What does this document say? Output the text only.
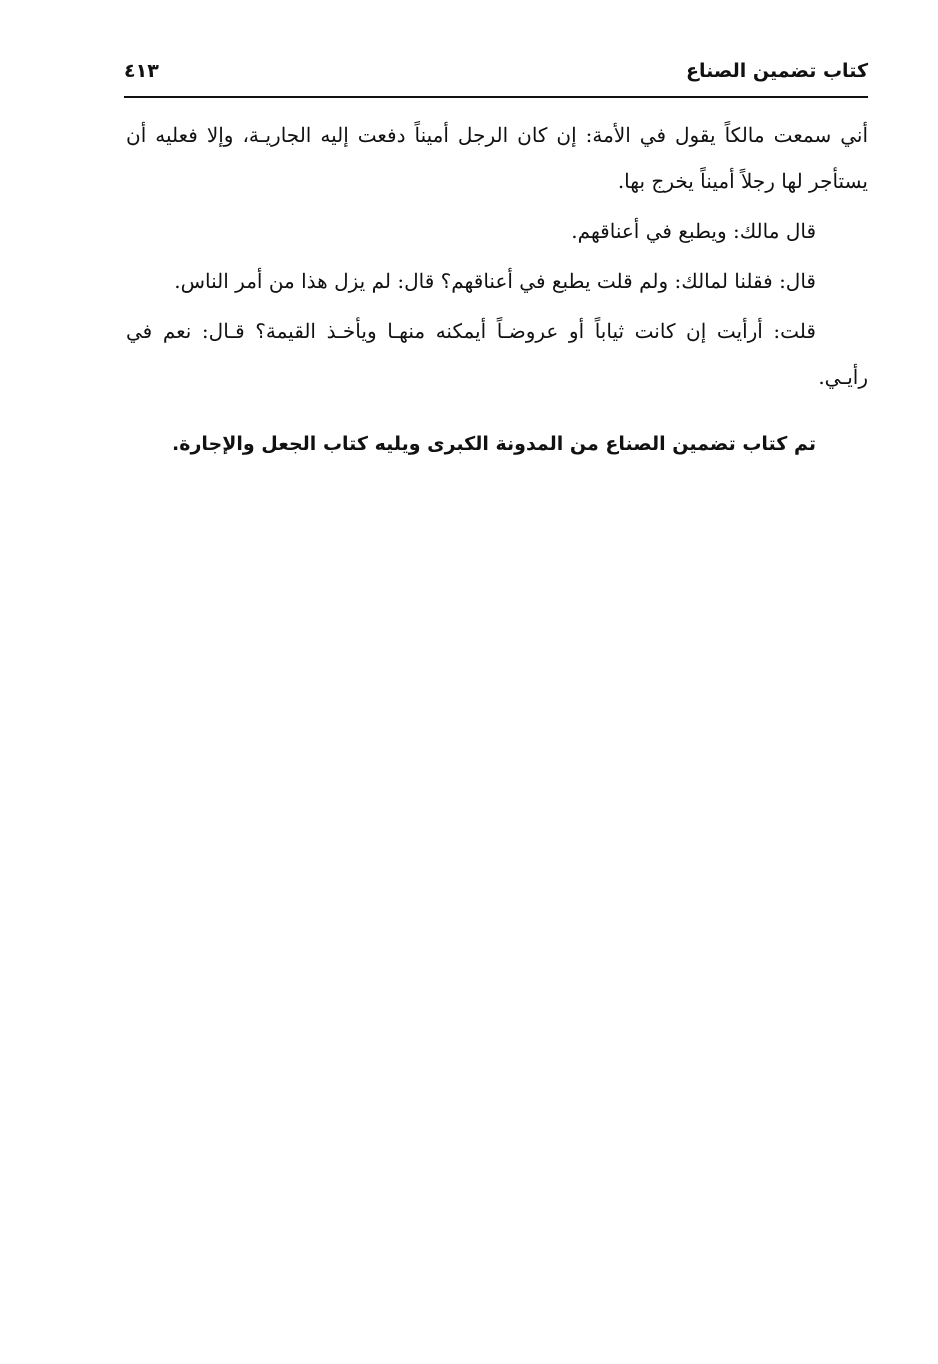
كتاب تضمين الصناع
٤١٣

أني سمعت مالكاً يقول في الأمة: إن كان الرجل أميناً دفعت إليه الجاريـة، وإلا فعليه أن يستأجر لها رجلاً أميناً يخرج بها.

قال مالك: ويطبع في أعناقهم.

قال: فقلنا لمالك: ولم قلت يطبع في أعناقهم؟ قال: لم يزل هذا من أمر الناس.

قلت: أرأيت إن كانت ثياباً أو عروضـاً أيمكنه منهـا ويأخـذ القيمة؟ قـال: نعم في رأيـي.

تم كتاب تضمين الصناع من المدونة الكبرى ويليه كتاب الجعل والإجارة.
